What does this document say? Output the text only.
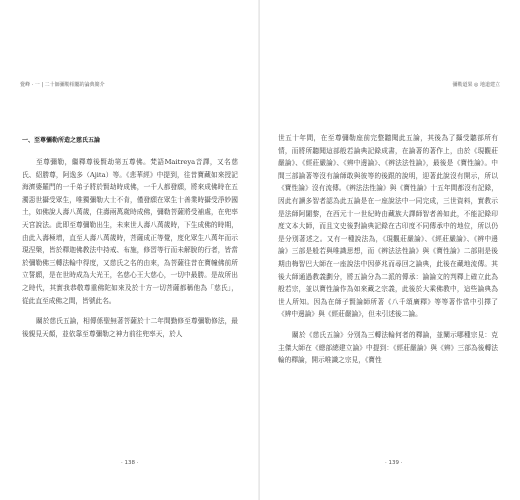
覺峰 · 一 | 二十師彌勒相屬的論典簡介
一、至尊彌勒所造之慈氏五論

至尊彌勒，繼釋尊後賢劫第五尊佛。梵語Maitreya音譯，又名慈氏、紹勝尊，阿逸多（Ajita）等。《悲華經》中提到，往昔寶藏如來授記海濟婆羅門的一千弟子將於賢劫時成佛，一千人都發願，將來成佛時在五濁惡世攝受眾生，唯獨彌勒大士不肯，僅發願在眾生十善業時攝受淨妙國土，如佛說人壽八萬歲，住壽兩萬歲時成佛，彌勒菩薩將受補處，在兜率天宮說法。此即至尊彌勒出生，未來世人壽八萬歲時，下生成佛的時期，由此入壽極增，直至人壽八萬歲時，菩薩成正等覺，度化眾生八萬年而示現涅槃，皆於釋迦佛教法中持戒、布施，修習等行而未解脫的行者，皆當於彌勒佛三轉法輪中得度，又慈氏之名的由來，為菩薩往昔在寶幢佛前所立誓願，是在世時成為大光王，名慈心王大慈心，一切中最勝。是故所出之時代，其實我恭敬尊重佛陀如來及於十方一切菩薩都稱他為「慈氏」，從此直至成佛之間，皆號此名。

關於慈氏五論，相傳係聖無著菩薩於十二年間勤修至尊彌勒修法，最後親見天顏，並依靠至尊彌勒之神力前往兜率天，於人

· 138 ·
彌勒道果 ◎ 地道建立

世五十年間，在至尊彌勒座前完整聽聞此五論，其後為了攝受聽部所有情，而將所聽聞這部般若論典記錄成書，在論著的著作上，由於《現觀莊嚴論》、《經莊嚴論》、《辨中邊論》、《辨法法性論》，最後是《寶性論》。中間三部論著等沒有論師敢與彼等的後跟的說明，迎著此說沒有開示，所以《寶性論》沒有流傳。《辨法法性論》與《寶性論》十五年間都沒有記錄，因此有讀多智者認為此五論是在一座說法中一同完成，三世資料，實教示是法師阿闍黎，在西元十一世紀時由藏族大譯師智者善如此，不能記錄印度文本大師，而且文史後對論典記錄在古印度不同傳承中的地位，所以仍是分別著述之。又有一種說法為，《現觀莊嚴論》、《經莊嚴論》、《辨中邊論》三部是般若與唯識思想，而《辨法法性論》與《寶性論》二部則是後期由梅智巴大師在一座說法中因夢兆而尋回之論典，此後在藏地流傳。其後大師通過教義劃分，將五論分為二派的傳承：論論文的判釋上確立此為般若宗，並以寶性論作為如來藏之宗義，此後於大乘佛教中，這些論典為世人所知。因為在師子賢論師所著《八千頌廣釋》等等著作當中引擇了《辨中邊論》與《經莊嚴論》，但未引述後二論。

關於《慈氏五論》分別為三轉法輪何者的釋論，並闡示哪種宗見：克主傑大師在《總部總建立論》中提到：《經莊嚴論》與《辨》三部為後轉法輪的釋論，開示唯識之宗見，《寶性

· 139 ·
